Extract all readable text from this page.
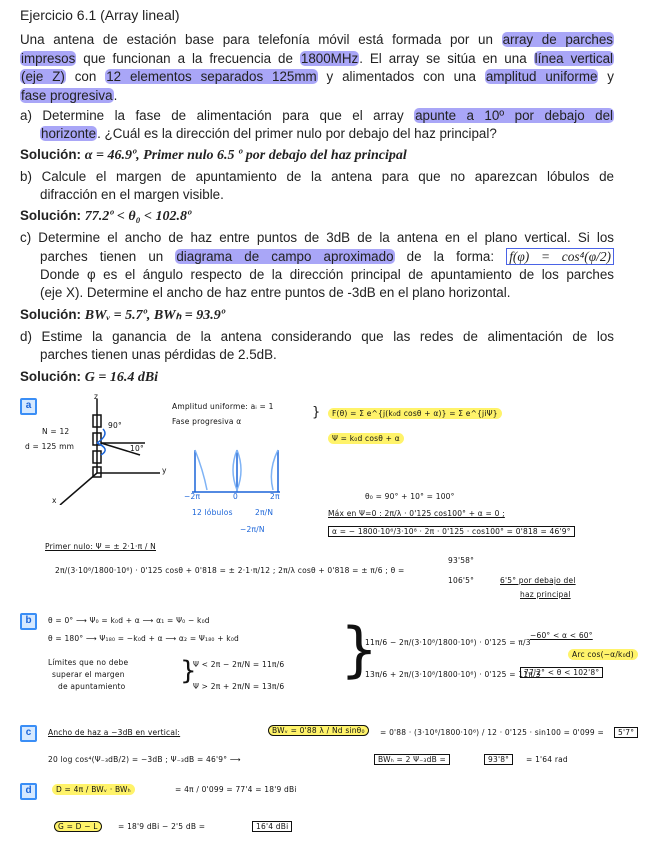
Ejercicio 6.1 (Array lineal)
Una antena de estación base para telefonía móvil está formada por un array de parches
impresos que funcionan a la frecuencia de 1800MHz. El array se sitúa en una línea vertical
(eje Z) con 12 elementos separados 125mm y alimentados con una amplitud uniforme y
fase progresiva.
a) Determine la fase de alimentación para que el array apunte a 10º por debajo del
horizonte. ¿Cuál es la dirección del primer nulo por debajo del haz principal?
Solución: α = 46.9º, Primer nulo 6.5 º por debajo del haz principal
b) Calcule el margen de apuntamiento de la antena para que no aparezcan lóbulos de
difracción en el margen visible.
Solución: 77.2º < θ₀ < 102.8º
c) Determine el ancho de haz entre puntos de 3dB de la antena en el plano vertical. Si los
parches tienen un diagrama de campo aproximado de la forma: f(φ) = cos⁴(φ/2)
Donde φ es el ángulo respecto de la dirección principal de apuntamiento de los parches
(eje X). Determine el ancho de haz entre puntos de -3dB en el plano horizontal.
Solución: BWᵥ = 5.7º, BWₕ = 93.9º
d) Estime la ganancia de la antena considerando que las redes de alimentación de los
parches tienen unas pérdidas de 2.5dB.
Solución: G = 16.4 dBi
a
N = 12
d = 125 mm
90°
10°
z
y
x	−2π	0	2π
12 lóbulos	2π/N
−2π/N
Amplitud uniforme: aᵢ = 1
Fase progresiva α
}	F(θ) = Σ e^{j(k₀d cosθ + α)} = Σ e^{jiΨ}
Ψ = k₀d cosθ + α
θ₀ = 90° + 10° = 100°
Máx en Ψ=0 : 2π/λ · 0'125 cos100° + α = 0 ;
α = − 1800·10⁶/3·10⁸ · 2π · 0'125 · cos100° = 0'818 = 46'9°
Primer nulo: Ψ = ± 2·1·π / N
2π/(3·10⁸/1800·10⁶) · 0'125 cosθ + 0'818 = ± 2·1·π/12 ; 2π/λ cosθ + 0'818 = ± π/6 ; θ =
93'58°
106'5°	6'5° por debajo del
haz principal
b	θ = 0° ⟶ Ψ₀ = k₀d + α ⟶ α₁ = Ψ₀ − k₀d
θ = 180° ⟶ Ψ₁₈₀ = −k₀d + α ⟶ α₂ = Ψ₁₈₀ + k₀d
Límites que no debe
superar el margen
de apuntamiento
}
Ψ < 2π − 2π/N = 11π/6
Ψ > 2π + 2π/N = 13π/6
}
11π/6 − 2π/(3·10⁸/1800·10⁶) · 0'125 = π/3
13π/6 + 2π/(3·10⁸/1800·10⁶) · 0'125 = 11π/3
−60° < α < 60°
Arc cos(−α/k₀d)
77'2° < θ < 102'8°
c	Ancho de haz a −3dB en vertical:	BWᵥ = 0'88 λ / Nd sinθ₀	= 0'88 · (3·10⁸/1800·10⁶) / 12 · 0'125 · sin100 = 0'099 =	5'7°
20 log cos⁴(Ψ₋₃dB/2) = −3dB ; Ψ₋₃dB = 46'9° ⟶	BWₕ = 2 Ψ₋₃dB =	93'8°	= 1'64 rad
d	D = 4π / BWᵥ · BWₕ	= 4π / 0'099 = 77'4 = 18'9 dBi
G = D − L	= 18'9 dBi − 2'5 dB =	16'4 dBi
